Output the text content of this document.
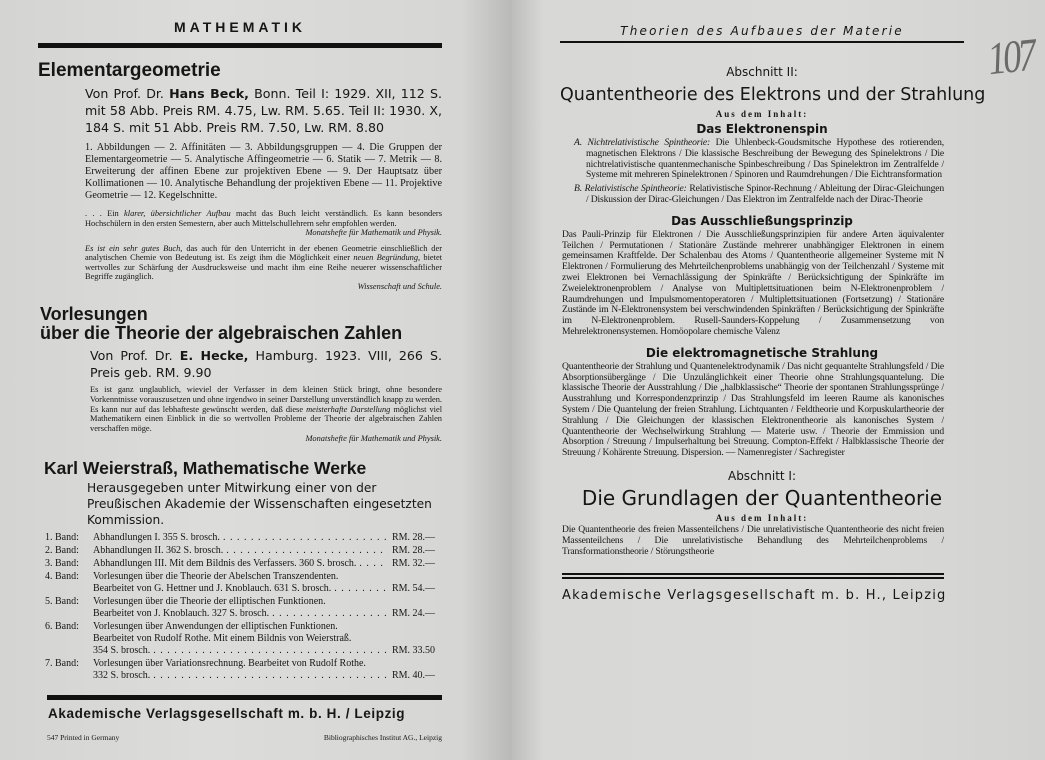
MATHEMATIK
Elementargeometrie
Von Prof. Dr. Hans Beck, Bonn. Teil I: 1929. XII, 112 S. mit 58 Abb. Preis RM. 4.75, Lw. RM. 5.65. Teil II: 1930. X, 184 S. mit 51 Abb. Preis RM. 7.50, Lw. RM. 8.80
1. Abbildungen — 2. Affinitäten — 3. Abbildungsgruppen — 4. Die Gruppen der Elementargeometrie — 5. Analytische Affingeometrie — 6. Statik — 7. Metrik — 8. Erweiterung der affinen Ebene zur projektiven Ebene — 9. Der Hauptsatz über Kollimationen — 10. Analytische Behandlung der projektiven Ebene — 11. Projektive Geometrie — 12. Kegelschnitte.
. . . Ein klarer, übersichtlicher Aufbau macht das Buch leicht verständlich. Es kann besonders Hochschülern in den ersten Semestern, aber auch Mittelschullehrern sehr empfohlen werden.
Monatshefte für Mathematik und Physik.
Es ist ein sehr gutes Buch, das auch für den Unterricht in der ebenen Geometrie einschließlich der analytischen Chemie von Bedeutung ist. Es zeigt ihm die Möglichkeit einer neuen Begründung, bietet wertvolles zur Schärfung der Ausdrucksweise und macht ihm eine Reihe neuerer wissenschaftlicher Begriffe zugänglich.
Wissenschaft und Schule.
Vorlesungen
über die Theorie der algebraischen Zahlen
Von Prof. Dr. E. Hecke, Hamburg. 1923. VIII, 266 S. Preis geb. RM. 9.90
Es ist ganz unglaublich, wieviel der Verfasser in dem kleinen Stück bringt, ohne besondere Vorkenntnisse vorauszusetzen und ohne irgendwo in seiner Darstellung unverständlich knapp zu werden. Es kann nur auf das lebhafteste gewünscht werden, daß diese meisterhafte Darstellung möglichst viel Mathematikern einen Einblick in die so wertvollen Probleme der Theorie der algebraischen Zahlen verschaffen möge.
Monatshefte für Mathematik und Physik.
Karl Weierstraß, Mathematische Werke
Herausgegeben unter Mitwirkung einer von der Preußischen Akademie der Wissenschaften eingesetzten Kommission.
1. Band:	Abhandlungen I. 355 S. brosch. . . .	RM. 28.—
2. Band:	Abhandlungen II. 362 S. brosch. . . .	RM. 28.—
3. Band:	Abhandlungen III. Mit dem Bildnis des Verfassers. 360 S. brosch. . . .	RM. 32.—
4. Band:	Vorlesungen über die Theorie der Abelschen Transzendenten.
Bearbeitet von G. Hettner und J. Knoblauch. 631 S. brosch. . . .	RM. 54.—
5. Band:	Vorlesungen über die Theorie der elliptischen Funktionen.
Bearbeitet von J. Knoblauch. 327 S. brosch. . . .	RM. 24.—
6. Band:	Vorlesungen über Anwendungen der elliptischen Funktionen.
Bearbeitet von Rudolf Rothe. Mit einem Bildnis von Weierstraß.
354 S. brosch. . . .	RM. 33.50
7. Band:	Vorlesungen über Variationsrechnung. Bearbeitet von Rudolf Rothe.
332 S. brosch. . . .	RM. 40.—
Akademische Verlagsgesellschaft m. b. H. / Leipzig
547 Printed in Germany	Bibliographisches Institut AG., Leipzig
107
Theorien des Aufbaues der Materie
Abschnitt II:
Quantentheorie des Elektrons und der Strahlung
Aus dem Inhalt:
Das Elektronenspin
A. Nichtrelativistische Spintheorie: Die Uhlenbeck-Goudsmitsche Hypothese des rotierenden, magnetischen Elektrons / Die klassische Beschreibung der Bewegung des Spinelektrons / Die nichtrelativistische quantenmechanische Spinbeschreibung / Das Spinelektron im Zentralfelde / Systeme mit mehreren Spinelektronen / Spinoren und Raumdrehungen / Die Eichtransformation
B. Relativistische Spintheorie: Relativistische Spinor-Rechnung / Ableitung der Dirac-Gleichungen / Diskussion der Dirac-Gleichungen / Das Elektron im Zentralfelde nach der Dirac-Theorie
Das Ausschließungsprinzip
Das Pauli-Prinzip für Elektronen / Die Ausschließungsprinzipien für andere Arten äquivalenter Teilchen / Permutationen / Stationäre Zustände mehrerer unabhängiger Elektronen in einem gemeinsamen Kraftfelde. Der Schalenbau des Atoms / Quantentheorie allgemeiner Systeme mit N Elektronen / Formulierung des Mehrteilchenproblems unabhängig von der Teilchenzahl / Systeme mit zwei Elektronen bei Vernachlässigung der Spinkräfte / Berücksichtigung der Spinkräfte im Zweielektronenproblem / Analyse von Multiplettsituationen beim N-Elektronenproblem / Raumdrehungen und Impulsmomentoperatoren / Multiplettsituationen (Fortsetzung) / Stationäre Zustände im N-Elektronensystem bei verschwindenden Spinkräften / Berücksichtigung der Spinkräfte im N-Elektronenproblem. Rusell-Saunders-Koppelung / Zusammensetzung von Mehrelektronensystemen. Homöopolare chemische Valenz
Die elektromagnetische Strahlung
Quantentheorie der Strahlung und Quantenelektrodynamik / Das nicht gequantelte Strahlungsfeld / Die Absorptionsübergänge / Die Unzulänglichkeit einer Theorie ohne Strahlungsquantelung. Die klassische Theorie der Ausstrahlung / Die „halbklassische“ Theorie der spontanen Strahlungssprünge / Ausstrahlung und Korrespondenzprinzip / Das Strahlungsfeld im leeren Raume als kanonisches System / Die Quantelung der freien Strahlung. Lichtquanten / Feldtheorie und Korpuskulartheorie der Strahlung / Die Gleichungen der klassischen Elektronentheorie als kanonisches System / Quantentheorie der Wechselwirkung Strahlung — Materie usw. / Theorie der Emmission und Absorption / Streuung / Impulserhaltung bei Streuung. Compton-Effekt / Halbklassische Theorie der Streuung / Kohärente Streuung. Dispersion. — Namenregister / Sachregister
Abschnitt I:
Die Grundlagen der Quantentheorie
Aus dem Inhalt:
Die Quantentheorie des freien Massenteilchens / Die unrelativistische Quantentheorie des nicht freien Massenteilchens / Die unrelativistische Behandlung des Mehrteilchenproblems / Transformationstheorie / Störungstheorie
Akademische Verlagsgesellschaft m. b. H., Leipzig
